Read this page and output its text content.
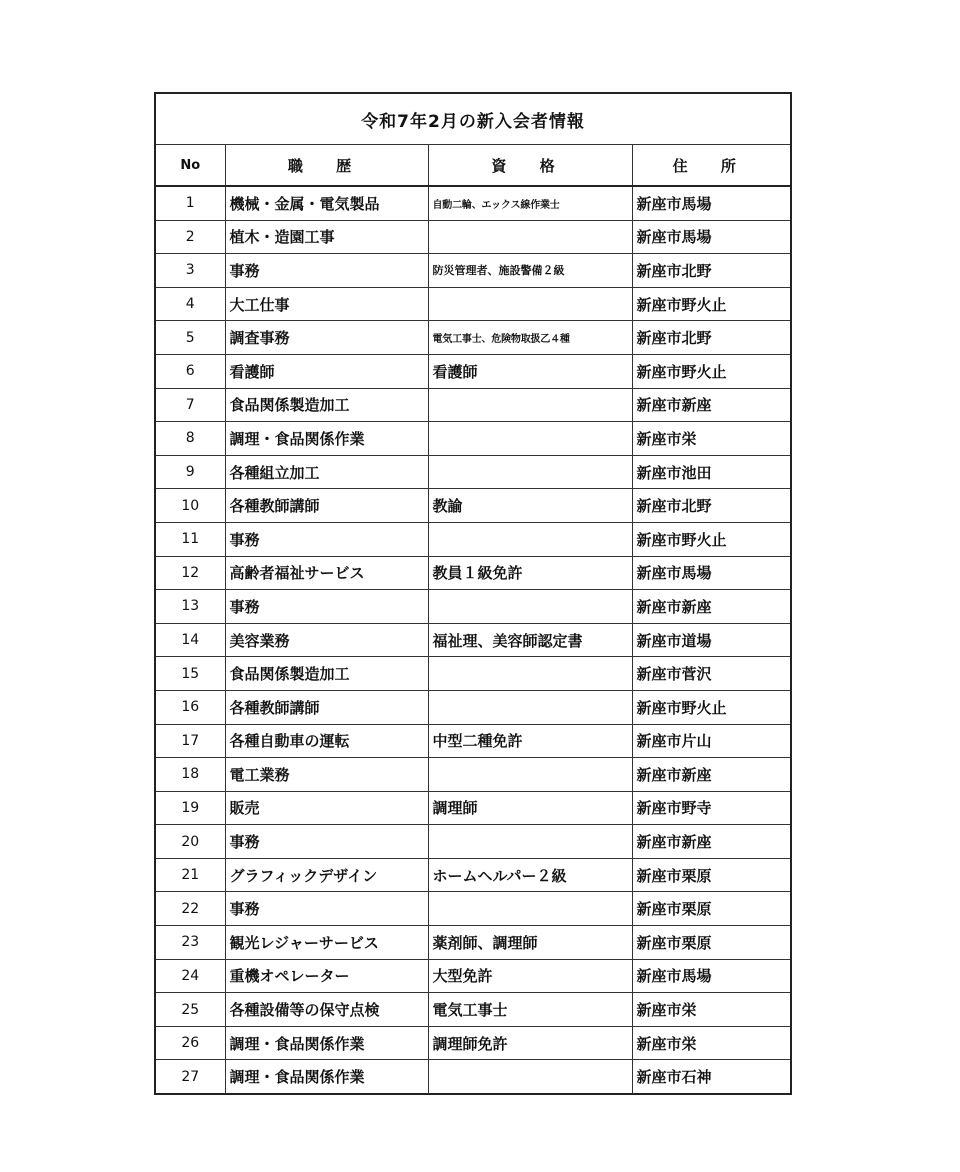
令和7年2月の新入会者情報			
No	職 歴	資 格	住 所
1	機械・金属・電気製品	自動二輪、エックス線作業士	新座市馬場
2	植木・造園工事		新座市馬場
3	事務	防災管理者、施設警備２級	新座市北野
4	大工仕事		新座市野火止
5	調査事務	電気工事士、危険物取扱乙４種	新座市北野
6	看護師	看護師	新座市野火止
7	食品関係製造加工		新座市新座
8	調理・食品関係作業		新座市栄
9	各種組立加工		新座市池田
10	各種教師講師	教諭	新座市北野
11	事務		新座市野火止
12	高齢者福祉サービス	教員１級免許	新座市馬場
13	事務		新座市新座
14	美容業務	福祉理、美容師認定書	新座市道場
15	食品関係製造加工		新座市菅沢
16	各種教師講師		新座市野火止
17	各種自動車の運転	中型二種免許	新座市片山
18	電工業務		新座市新座
19	販売	調理師	新座市野寺
20	事務		新座市新座
21	グラフィックデザイン	ホームヘルパー２級	新座市栗原
22	事務		新座市栗原
23	観光レジャーサービス	薬剤師、調理師	新座市栗原
24	重機オペレーター	大型免許	新座市馬場
25	各種設備等の保守点検	電気工事士	新座市栄
26	調理・食品関係作業	調理師免許	新座市栄
27	調理・食品関係作業		新座市石神
